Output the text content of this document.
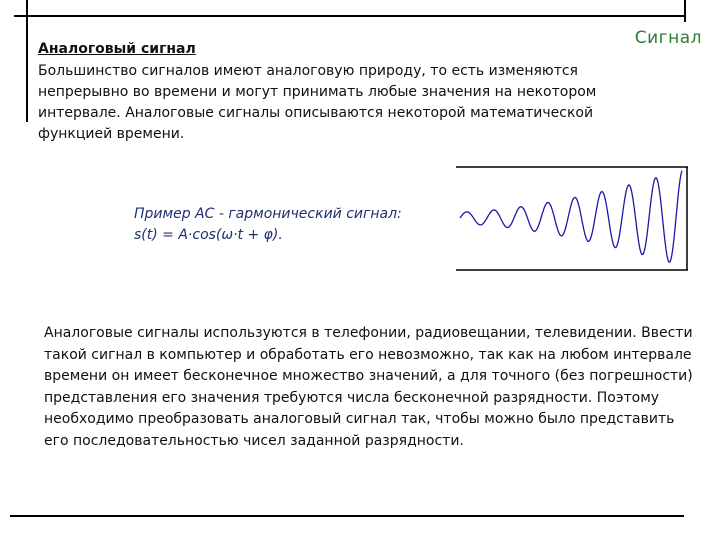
Сигнал
Аналоговый сигнал

Большинство сигналов имеют аналоговую природу, то есть изменяются непрерывно во времени и могут принимать любые значения на некотором интервале. Аналоговые сигналы описываются некоторой математической функцией времени.

Пример АС - гармонический сигнал:
s(t) = A·cos(ω·t + φ).

Аналоговые сигналы используются в телефонии, радиовещании, телевидении. Ввести такой сигнал в компьютер и обработать его невозможно, так как на любом интервале времени он имеет бесконечное множество значений, а для точного (без погрешности) представления его значения требуются числа бесконечной разрядности. Поэтому необходимо преобразовать аналоговый сигнал так, чтобы можно было представить его последовательностью чисел заданной разрядности.
